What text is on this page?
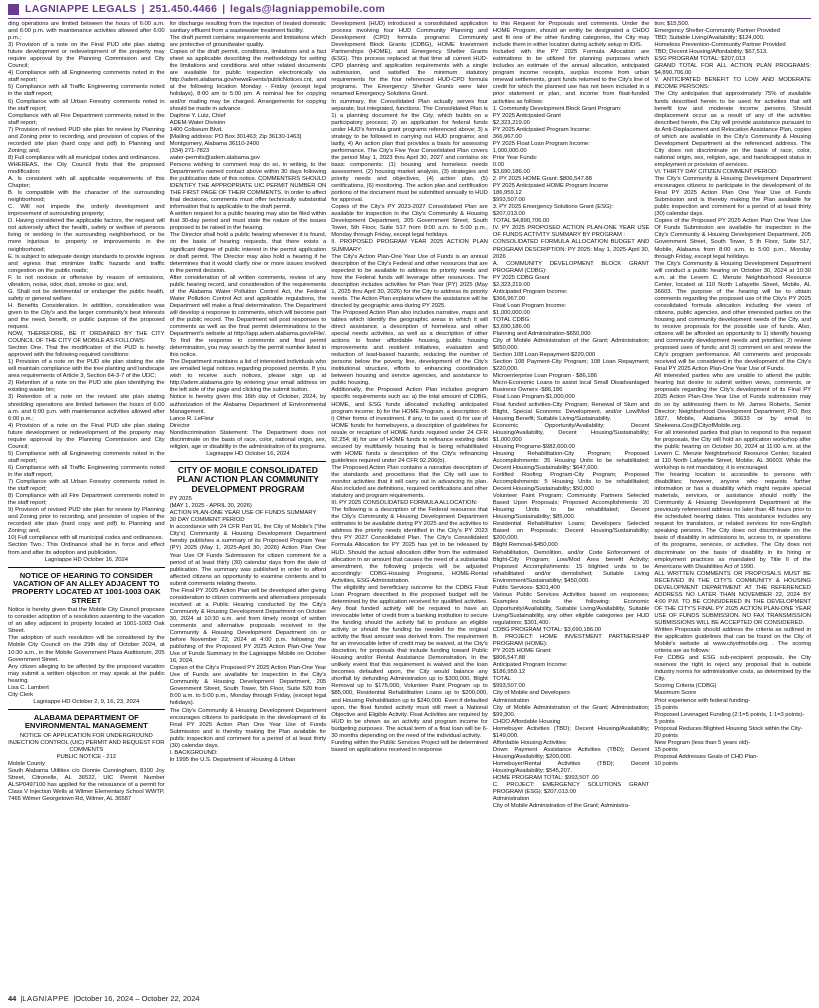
LAGNIAPPE LEGALS | 251.450.4466 | legals@lagniappemobile.com

ding operations are limited between the hours of 6:00 a.m. and 6:00 p.m. with maintenance activities allowed after 6:00 p.m.;

3) Provision of a note on the Final PUD site plan stating future development or redevelopment of the property may require approval by the Planning Commission and City Council;

4) Compliance with all Engineering comments noted in the staff report;

5) Compliance with all Traffic Engineering comments noted in the staff report;

6) Compliance with all Urban Forestry comments noted in the staff report;

Compliance with all Fire Department comments noted in the staff report;

7) Provision of revised PUD site plan for review by Planning and Zoning prior to recording, and provision of copies of the recorded site plan (hard copy and pdf) to Planning and Zoning; and,

8) Full compliance with all municipal codes and ordinances.

WHEREAS, the City Council finds that the proposed modification:

A. Is consistent with all applicable requirements of this Chapter;

B. Is compatible with the character of the surrounding neighborhood;

C. Will not impede the orderly development and improvement of surrounding property;

D. Having considered the applicable factors, the request will not adversely affect the health, safety or welfare of persons living or working in the surrounding neighborhood, or be more injurious to property or improvements in the neighborhood;

E. Is subject to adequate design standards to provide ingress and egress that minimize traffic hazards and traffic congestion on the public roads;

F. Is not noxious or offensive by reason of emissions, vibration, noise, odor, dust, smoke or gas; and,

G. Shall not be detrimental or endanger the public health, safety or general welfare.

H. Benefits Consideration. In addition, consideration was given to the City's and the larger community's best interests and the need, benefit, or public purpose of the proposed request.

NOW, THEREFORE, BE IT ORDAINED BY THE CITY COUNCIL OF THE CITY OF MOBILE AS FOLLOWS:

Section One. That the modification of the PUD is hereby approved with the following required conditions:

1) Provision of a note on the PUD site plan stating the site will maintain compliance with the tree planting and landscape area requirements of Article 3, Section 64-3-7 of the UDC;

2) Retention of a note on the PUD site plan identifying the existing waste bin;

3) Retention of a note on the revised site plan stating shredding operations are limited between the hours of 6:00 a.m. and 6:00 p.m. with maintenance activities allowed after 6:00 p.m.;

4) Provision of a note on the Final PUD site plan stating future development or redevelopment of the property may require approval by the Planning Commission and City Council;

5) Compliance with all Engineering comments noted in the staff report;

6) Compliance with all Traffic Engineering comments noted in the staff report;

7) Compliance with all Urban Forestry comments noted in the staff report;

8) Compliance with all Fire Department comments noted in the staff report;

9) Provision of revised PUD site plan for review by Planning and Zoning prior to recording, and provision of copies of the recorded site plan (hard copy and pdf) to Planning and Zoning; and,

10) Full compliance with all municipal codes and ordinances.

Section Two.: This Ordinance shall be in force and effect from and after its adoption and publication.

Lagniappe HD October 16, 2024

NOTICE OF HEARING TO CONSIDER VACATION OF AN ALLEY ADJACENT TO PROPERTY LOCATED AT 1001-1003 OAK STREET

Notice is hereby given that the Mobile City Council proposes to consider adoption of a resolution assenting to the vacation of an alley adjacent to property located at 1001-1003 Oak Street.

The adoption of such resolution will be considered by the Mobile City Council on the 29th day of October 2024, at 10:30 a.m., in the Mobile Government Plaza Auditorium, 205 Government Street.

Any citizen alleging to be affected by the proposed vacation may submit a written objection or may speak at the public hearing.

Lisa C. Lambert

City Clerk

Lagniappe HD October 2, 9, 16, 23, 2024

ALABAMA DEPARTMENT OF ENVIRONMENTAL MANAGEMENT

NOTICE OF APPLICATION FOR UNDERGROUND INJECTION CONTROL (UIC) PERMIT AND REQUEST FOR COMMENTS

PUBLIC NOTICE - 212

Mobile County

South Alabama Utilities c/o Donnie Cunningham, 8100 Joy Street, Citronelle, AL 36522, UIC Permit Number ALSP0497100 has applied for the reissuance of a permit for Class V Injection Wells at Wilmer Elementary School WWTP, 7465 Wilmer Georgetown Rd, Wilmer, AL 36587

for discharge resulting from the injection of treated domestic sanitary effluent from a wastewater treatment facility.

The draft permit contains requirements and limitations which are protective of groundwater quality.

Copies of the draft permit, conditions, limitations and a fact sheet as applicable describing the methodology for setting the limitations and conditions and other related documents are available for public inspection electronically via http://adem.alabama.gov/newsEvents/publicNotices.cnt, and at the following location Monday - Friday (except legal holidays), 8:00 am to 5:00 pm. A nominal fee for copying and/or mailing may be charged. Arrangements for copying should be made in advance.

Daphne Y. Lutz, Chief

ADEM-Water Division

1400 Coliseum Blvd.

[Mailing address: PO Box 301463; Zip 36130-1463]

Montgomery, Alabama 36110-2400

(334) 271-7823

water-permits@adem.alabama.gov

Persons wishing to comment may do so, in writing, to the Department's named contact above within 30 days following the publication date of this notice. COMMENTERS SHOULD IDENTIFY THE APPROPRIATE UIC PERMIT NUMBER ON THE FIRST PAGE OF THEIR COMMENTS. In order to affect final decisions, comments must offer technically substantial information that is applicable to the draft permit.

A written request for a public hearing may also be filed within that 30-day period and must state the nature of the issues proposed to be raised in the hearing.

The Director shall hold a public hearing whenever it is found, on the basis of hearing requests, that there exists a significant degree of public interest in the permit application or draft permit. The Director may also hold a hearing if he determines that it would clarify one or more issues involved in the permit decision.

After consideration of all written comments, review of any public hearing record, and consideration of the requirements of the Alabama Water Pollution Control Act, the Federal Water Pollution Control Act and applicable regulations, the Department will make a final determination. The Department will develop a response to comments, which will become part of the public record. The Department will post responses to comments as well as the final permit determinations to the Department's website at http://app.adem.alabama.gov/eFile/. To find the response to comments and final permit determination, you may search by the permit number listed in this notice.

The Department maintains a list of interested individuals who are emailed legal notices regarding proposed permits. If you wish to receive such notices, please sign up at http://adem.alabama.gov by entering your email address on the left side of the page and clicking the submit button.

Notice is hereby given this 16th day of October, 2024, by authorization of the Alabama Department of Environmental Management.

Lance R. LeFleur

Director

Nondiscrimination Statement: The Department does not discriminate on the basis of race, color, national origin, sex, religion, age or disability in the administration of its programs.

Lagniappe HD October 16, 2024

CITY OF MOBILE CONSOLIDATED PLAN/ ACTION PLAN COMMUNITY DEVELOPMENT PROGRAM

PY 2025

(MAY 1, 2025 - APRIL 30, 2026)

ACTION PLAN-ONE YEAR USE OF FUNDS SUMMARY

30 DAY COMMENT PERIOD

In accordance with 24 CFR Part 91, the City of Mobile's ("the City's) Community & Housing Development Department hereby publishes a summary of its Proposed Program Year (PY) 2025 (May 1, 2025-April 30, 2026) Action Plan One Year Use Of Funds Submission for citizen comment for a period of at least thirty (30) calendar days from the date of publication. The summary was published in order to afford affected citizens an opportunity to examine contents and to submit comments relating thereto.

The Final PY 2025 Action Plan will be developed after giving consideration to citizen comments and alternatives proposals received at a Public Hearing conducted by the City's Community & Housing Development Department on October 30, 2024 at 10:30 a.m. and from timely receipt of written comments and alternative proposals received in the Community & Housing Development Department on or before November 22, 2024 at 4:00 p.m. following the publishing of the Proposed PY 2025 Action Plan-One Year Use of Funds Summary in the Lagniappe Mobile on October 16, 2024.

Copies of the City's Proposed PY 2025 Action Plan-One Year Use of Funds are available for inspection in the City's Community & Housing Development Department, 205 Government Street, South Tower, 5th Floor, Suite 520 from 8:00 a.m. to 5:00 p.m., Monday through Friday, (except legal holidays).

The City's Community & Housing Development Department encourages citizens to participate in the development of its Final PY 2025 Action Plan One Year Use of Funds Submission and is thereby making the Plan available for public inspection and comment for a period of at least thirty (30) calendar days.

I. BACKGROUND:

In 1995 the U.S. Department of Housing & Urban

Development (HUD) introduced a consolidated application process involving four HUD Community Planning and Development (CPD) formula programs: Community Development Block Grants (CDBG), HOME Investment Partnerships (HOME), and Emergency Shelter Grants (ESG). This process replaced at that time all current HUD-CPD planning and application requirements with a single submission, and satisfied the minimum statutory requirements for the four referenced HUD-CPD formula programs. The Emergency Shelter Grants were later renamed Emergency Solutions Grant.

In summary, the Consolidated Plan actually serves four separate, but integrated, functions. The Consolidated Plan is 1) a planning document for the City, which builds on a participatory process; 2) an application for federal funds under HUD's formula grant programs referenced above; 3) a strategy to be followed in carrying out HUD programs; and lastly, 4) An action plan that provides a basis for assessing performance. The City's Five Year Consolidated Plan covers the period May 1, 2023 thru April 30, 2027 and contains six basic components: (1) housing and homeless needs assessment, (2) housing market analysis, (3) strategies and priority needs and objectives, (4) action plan, (5) certifications, (6) monitoring. The action plan and certification portions of the document must be submitted annually to HUD for approval.

Copies of the City's PY 2023-2027 Consolidated Plan are available for inspection in the City's Community & Housing Development Department, 205 Government Street, South Tower, 5th Floor, Suite 517 from 8:00 a.m. to 5:00 p.m., Monday through Friday, except legal holidays.

II. PROPOSED PROGRAM YEAR 2025 ACTION PLAN SUMMARY:

The City's Action Plan-One Year Use of Funds is an annual description of the City's Federal and other resources that are expected to be available to address its priority needs and how the Federal funds will leverage other resources. The description includes activities for Plan Year (PY) 2025 (May 1, 2025 thru April 30, 2026) for the City to address its priority needs. The Action Plan explains where the assistance will be directed by geographic area during PY 2025.

The Proposed Action Plan also includes narrative, maps and tables which identify the geographic areas in which it will direct assistance, a description of homeless and other special needs activities, as well as a description of other actions to foster affordable housing, public housing improvements and resident initiatives, evaluation and reduction of lead-based hazards, reducing the number of persons below the poverty line, development of the City's institutional structure, efforts to enhancing coordination between housing and service agencies, and assistance to public housing.

Additionally, the Proposed Action Plan includes program specific requirements such as: a) the total amount of CDBG, HOME, and ESG funds allocated including anticipated program income; b) for the HOME Program, a description of: i) Other forms of investment, if any, to be used; ii) for use of HOME funds for homebuyers, a description of guidelines for resale or recapture of HOME funds required under 24 CFR 92.254; iii) for use of HOME funds to refinance existing debt secured by multifamily housing that is being rehabilitated with HOME funds a description of the City's refinancing guidelines required under 24 CFR 92.206(b).

The Proposed Action Plan contains a narrative description of the standards and procedures that the City will use to monitor activities that it will carry out in advancing its plan. Also included are definitions, required certifications and other statutory and program requirements.

III. PY 2025 CONSOLIDATED FORMULA ALLOCATION:

The following is a description of the Federal resources that the City's Community & Housing Development Department estimates to be available during PY 2025 and the activities to address the priority needs identified in the City's PY 2023 thru PY 2027 Consolidated Plan. The City's Consolidated Formula Allocation for PY 2025 has yet to be released by HUD. Should the actual allocation differ from the estimated allocation in an amount that causes the need of a substantial amendment, the following projects will be adjusted accordingly: CDBG-Housing Programs, HOME-Rental Activities, ESG-Administration.

The eligibility and beneficiary outcome for the CDBG Float Loan Program described in the proposed budget will be determined by the application received for qualified activities. Any float funded activity will be required to have an irrevocable letter of credit from a banking institution to secure the funding should the activity fail to produce an eligible activity or should the funding be needed for the original activity the float amount was derived from. The requirement for an irrevocable letter of credit may be waived, at the City's discretion, for proposals that include funding toward Public Housing and/or Rental Assistance Demonstration. In the unlikely event that this requirement is waived and the loan becomes defaulted upon, the City would balance any shortfall by defunding Administration up to $300,000, Blight Removal up to $175,000, Volunteer Paint Program up to $85,000, Residential Rehabilitation Loans up to $200,000, and Housing Rehabilitation up to $240,000. Even if defaulted upon, the float funded activity must still meet a National Objective and Eligible Activity. Float Activities are required by HUD to be shown as an activity and program income for budgeting purposes. The actual term of a float loan will be 6-30 months depending on the need of the individual activity.

Funding within the Public Services Project will be determined based on applications received in response

to this Request for Proposals and comments. Under the HOME Program, should an entity be designated a CHDO and fit one of the other funding categories, the City may include them in either location during activity setup in IDIS.

Included with the PY 2025 Formula Allocation are estimations to be utilized for planning purposes which includes an estimate of the annual allocation, anticipated program income receipts, surplus income from urban renewal settlements, grant funds returned to the City's line of credit for which the planned use has not been included in a prior statement or plan, and income from float-funded activities as follows:

1. Community Development Block Grant Program:

PY 2025 Anticipated Grant

$2,323,219.00

PY 2025 Anticipated Program Income:

366,967.00

PY 2025 Float Loan Program Income:

1,000,000.00

Prior Year Funds:

0.00

$3,690,186.00

2. PY 2025 HOME Grant: $806,547.88

PY 2025 Anticipated HOME Program Income

186,959.12

$993,507.00

3. PY 2025 Emergency Solutions Grant (ESG):

$207,013.00

TOTAL $4,890,706.00

IV. PY 2025 PROPOSED ACTION PLAN-ONE YEAR USE OF FUNDS ACTIVITY SUMMARY BY PROGRAM :

CONSOLIDATED FORMULA ALLOCATION BUDGET AND PROGRAM DESCRIPTION: PY 2025: May 1, 2025-April 30, 2026

A. COMMUNITY DEVELOPMENT BLOCK GRANT PROGRAM (CDBG):

PY 2025 CDBG Grant

$2,323,219.00

Anticipated Program Income:

$366,967.00

Float Loan Program Income:

$1,000,000.00

TOTAL CDBG:

$3,690,186.00

Planning and Administration-$650,000

City of Mobile Administration of the Grant; Administration; $650,000.

Section 108 Loan Repayment-$220,000

Section 108 Payment-City Program; 108 Loan Repayment; $220,000.

Microenterprise Loan Program - $86,186

Micro-Economic Loans to assist local Small Disadvantaged Business Owners -$86,186

Float Loan Program-$1,000,000

Float funded activities-City Program; Renewal of Slum and Blight, Special Economic Development, and/or Low/Mod Housing Benefit; Suitable Living/Sustainability.

Economic Opportunity/Availability; Decent Housing/Availability, Decent Housing/Sustainability; $1,000,000

Housing Programs-$982,600.00

Housing Rehabilitation-City Program; Proposed Accomplishments: 35 Housing Units to be rehabilitated; Decent Housing/Sustainability; $647,600.

Fortified Roofing Program-City Program; Proposed Accomplishments: 5 Housing Units to be rehabilitated; Decent Housing/Sustainability; $50,000

Volunteer Paint Program; Community Partners Selected Based Upon Proposals; Proposed Accomplishments: 20 Housing Units to be rehabilitated; Decent Housing/Sustainability; $85,000.

Residential Rehabilitation Loans; Developers Selected Based on Proposals; Decent Housing/Sustainability; $200,000.

Blight Removal-$450,000

Rehabilitation, Demolition, and/or Code Enforcement of Blight-City Program; Low/Mod Area benefit Activity; Proposed Accomplishments: 15 blighted units to be rehabilitated and/or demolished; Suitable Living Environment/Sustainability; $450,000.

Public Services- $301,400

Various Public Services Activities based on responses; Examples include the following: Economic Opportunity/Availability, Suitable Living/Availability, Suitable Living/Sustainability, any other eligible categories per HUD regulations; $301,400.

CDBG PROGRAM TOTAL: $3,690,186.00

B. PROJECT: HOME INVESTMENT PARTNERSHIP PROGRAM (HOME):

PY 2025 HOME Grant:

$806,547.88

Anticipated Program Income:

$186,959.12

TOTAL

$993,507.00

City of Mobile and Developers

Administration

City of Mobile Administration of the Grant; Administration; $99,300.

CHDO Affordable Housing

Homebuyer Activities (TBD); Decent Housing/Availability; $149,000.

Affordable Housing Activities

Down Payment Assistance Activities (TBD); Decent Housing/Availability; $200,000.

Homebuyer/Rental Activities (TBD); Decent Housing/Availability; $545,207.

HOME PROGRAM TOTAL: $993,507 .00

C. PROJECT: EMERGENCY SOLUTIONS GRANT PROGRAM (ESG): $207,013.00

Administration

City of Mobile Administration of the Grant; Administra-

tion; $15,500.

Emergency Shelter-Community Partner Provided

TBD; Suitable Living/Availability; $124,000.

Homeless Prevention-Community Partner Provided

TBD; Decent Housing/Affordability; $67,513.

ESG PROGRAM TOTAL: $207,013

GRAND TOTAL FOR ALL ACTION PLAN PROGRAMS: $4,890,706.00

V. ANTICIPATED BENEFIT TO LOW AND MODERATE INCOME PERSONS:

The City anticipates that approximately 75% of available funds described herein to be used for activities that will benefit low and moderate income persons. Should displacement occur as a result of any of the activities described herein, the City will provide assistance pursuant to its Anti-Displacement and Relocation Assistance Plan, copies of which are available in the City's Community & Housing Development Department at the referenced address. The City does not discriminate on the basis of race, color, national origin, sex, religion, age, and handicapped status in employment or provision of services.

VI. THIRTY DAY CITIZEN COMMENT PERIOD:

The City's Community & Housing Development Department encourages citizens to participate in the development of its Final PY 2025 Action Plan One Year Use of Funds Submission and is thereby making the Plan available for public inspection and comment for a period of at least thirty (30) calendar days.

Copies of the Proposed PY 2025 Action Plan One Year Use Of Funds Submission are available for inspection in the City's Community & Housing Development Department, 205 Government Street, South Tower, 5 th Floor, Suite 517, Mobile, Alabama from 8:00 a.m. to 5:00 p.m., Monday through Friday, except legal holidays.

The City's Community & Housing Development Department will conduct a public hearing on October 30, 2024 at 10:30 a.m. at the Levern C. Menzie Neighborhood Resource Center, located at 110 North Lafayette Street, Mobile, AL 36603. The purpose of the hearing will be to obtain comments regarding the proposed use of the City's PY 2025 consolidated formula allocation including the views of citizens, public agencies, and other interested parties on the housing and community development needs of the City, and to receive proposals for the possible use of funds. Also, citizens will be afforded an opportunity to 1) identify housing and community development needs and priorities; 2) review proposed uses of funds; and 3) comment on and review the City's program performance. All comments and proposals received will be considered in the development of the City's Final PY 2025 Action Plan-One Year Use of Funds.

All interested parties who are unable to attend the public hearing but desire to submit written views, comments, or proposals regarding the City's development of its Final PY 2025 Action Plan-One Year Use of Funds submission may do so by addressing them to Mr. James Roberts, Senior Director; Neighborhood Development Department; P.O. Box 1827, Mobile, Alabama 36633 or by email to Shekeena.Cox@CityofMobile.org.

For all interested parties that plan to respond to this request for proposals, the City will hold an application workshop after the public hearing on October 30, 2024 at 11:00 a.m. at the Levern C. Menzie Neighborhood Resource Center, located at 110 North Lafayette Street, Mobile, AL 36603. While the workshop is not mandatory, it is encouraged.

The hearing location is accessible to persons with disabilities; however, anyone who requests further information or has a disability which might require special materials, services, or assistance should notify the Community & Housing Development Department at the previously referenced address no later than 48 hours prior to the scheduled hearing dates. This assistance includes any request for translators, or related services for non-English speaking persons. The City does not discriminate on the basis of disability in admissions to, access to, or operations of its programs, services, or activities. The City does not discriminate on the basis of disability in its hiring or employment practices as mandated by Title II of the Americans with Disabilities Act of 1990.

ALL WRITTEN COMMENTS OR PROPOSALS MUST BE RECEIVED IN THE CITY'S COMMUNITY & HOUSING DEVELOPMENT DEPARTMENT AT THE REFERENCED ADDRESS NO LATER THAN NOVEMBER 22, 2024 BY 4:00 P.M. TO BE CONSIDERED IN THE DEVELOPMENT OF THE CITY'S FINAL PY 2025 ACTION PLAN-ONE YEAR USE OF FUNDS SUBMISSION. NO FAX TRANSMISSION SUBMISSIONS WILL BE ACCEPTED OR CONSIDERED.

Written Proposals should address the criteria as outlined in the application guidelines that can be found on the City of Mobile's website at www.cityofmobile.org . The scoring criteria are as follows:

For CDBG and ESG sub-recipient proposals, the City reserves the right to reject any proposal that is outside industry norms for administrative costs, as determined by the City.

Scoring Criteria (CDBG)

Maximum Score

Prior experience with federal funding-

15 points

Proposed Leveraged Funding (2:1=5 points, 1:1=3 points)-

5 points

Proposal Reduces Blighted Housing Stock within the City-

20 points

New Program (less than 5 years old)-

15 points

Proposal Addresses Goals of CHD Plan-

10 points

44 | LAGNIAPPE | October 16, 2024 – October 22, 2024
